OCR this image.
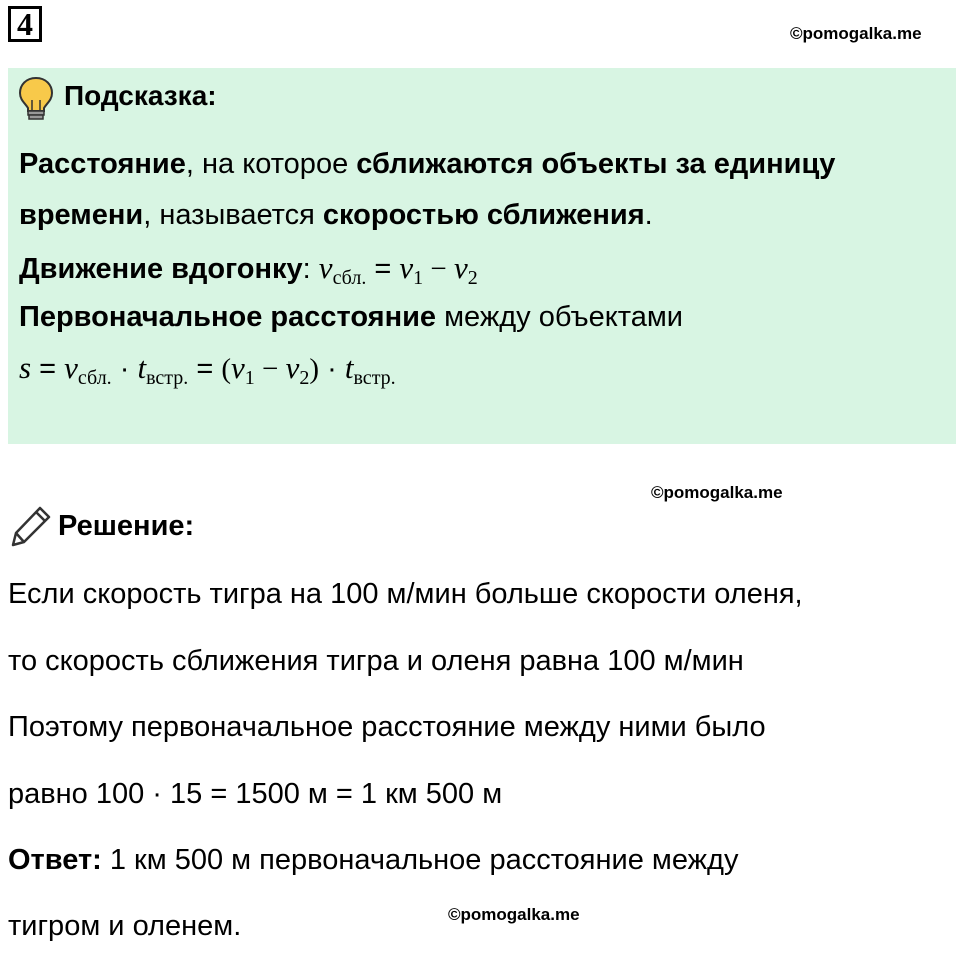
4	©pomogalka.me
Подсказка:
Расстояние, на которое сближаются объекты за единицу
времени, называется скоростью сближения.
Движение вдогонку: $v_{сбл.} = v_1 - v_2$
Первоначальное расстояние между объектами
$s = v_{сбл.} \cdot t_{встр.} = (v_1 - v_2) \cdot t_{встр.}$
©pomogalka.me
Решение:
Если скорость тигра на 100 м/мин больше скорости оленя,
то скорость сближения тигра и оленя равна 100 м/мин
Поэтому первоначальное расстояние между ними было
равно 100 · 15 = 1500 м = 1 км 500 м
Ответ: 1 км 500 м первоначальное расстояние между
тигром и оленем.	©pomogalka.me
